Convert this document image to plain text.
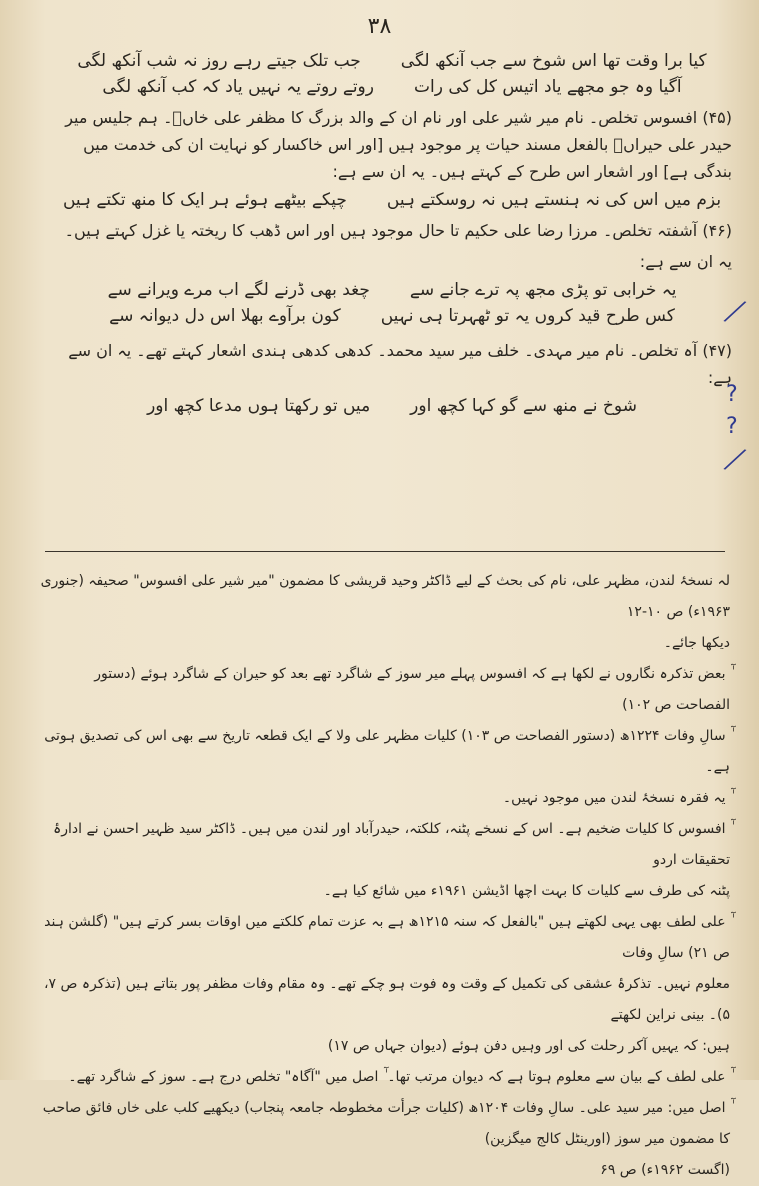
۳۸
کیا برا وقت تھا اس شوخ سے جب آنکھ لگی
جب تلک جیتے رہے روز نہ شب آنکھ لگی
آگیا وہ جو مجھے یاد اتیس کل کی رات
روتے روتے یہ نہیں یاد کہ کب آنکھ لگی

(۴۵) افسوس تخلص۔ نام میر شیر علی اور نام ان کے والد بزرگ کا مظفر علی خاںؔ۔ ہم جلیس میر حیدر علی حیراںؔ بالفعل مسند حیات پر موجود ہیں [اور اس خاکسار کو نہایت ان کی خدمت میں بندگی ہے] اور اشعار اس طرح کے کہتے ہیں۔ یہ ان سے ہے:

بزم میں اس کی نہ ہنستے ہیں نہ روسکتے ہیں
چپکے بیٹھے ہوئے ہر ایک کا منھ تکتے ہیں

(۴۶) آشفتہ تخلص۔ مرزا رضا علی حکیم تا حال موجود ہیں اور اس ڈھب کا ریختہ یا غزل کہتے ہیں۔

یہ ان سے ہے:

یہ خرابی تو پڑی مجھ پہ ترے جانے سے
چغد بھی ڈرنے لگے اب مرے ویرانے سے
کس طرح قید کروں یہ تو ٹھہرتا ہی نہیں
کون برآوے بھلا اس دل دیوانہ سے

(۴۷) آہ تخلص۔ نام میر مہدی۔ خلف میر سید محمد۔ کدھی کدھی ہندی اشعار کہتے تھے۔ یہ ان سے ہے:

شوخ نے منھ سے گو کہا کچھ اور
میں تو رکھتا ہوں مدعا کچھ اور
╱
?
?
╱

لہ نسخۂ لندن، مظہر علی، نام کی بحث کے لیے ڈاکٹر وحید قریشی کا مضمون "میر شیر علی افسوس" صحیفہ (جنوری ۱۹۶۳ء) ص ۱۰-۱۲

دیکھا جائے۔

ٰٓ بعض تذکرہ نگاروں نے لکھا ہے کہ افسوس پہلے میر سوز کے شاگرد تھے بعد کو حیران کے شاگرد ہوئے (دستور الفصاحت ص ۱۰۲)

ٰٓ سالِ وفات ۱۲۲۴ھ (دستور الفصاحت ص ۱۰۳) کلیات مظہر علی ولا کے ایک قطعہ تاریخ سے بھی اس کی تصدیق ہوتی ہے۔

ٰٓ یہ فقرہ نسخۂ لندن میں موجود نہیں۔

ٰٓ افسوس کا کلیات ضخیم ہے۔ اس کے نسخے پٹنہ، کلکتہ، حیدرآباد اور لندن میں ہیں۔ ڈاکٹر سید ظہیر احسن نے ادارۂ تحقیقات اردو

پٹنہ کی طرف سے کلیات کا بہت اچھا اڈیشن ۱۹۶۱ء میں شائع کیا ہے۔

ٰٓ علی لطف بھی یہی لکھتے ہیں "بالفعل کہ سنہ ۱۲۱۵ھ ہے بہ عزت تمام کلکتے میں اوقات بسر کرتے ہیں" (گلشن ہند ص ۲۱) سالِ وفات

معلوم نہیں۔ تذکرۂ عشقی کی تکمیل کے وقت وہ فوت ہو چکے تھے۔ وہ مقام وفات مظفر پور بتاتے ہیں (تذکرہ ص ۷، ۵)۔ بینی نراین لکھتے

ہیں: کہ یہیں آکر رحلت کی اور وہیں دفن ہوئے (دیوان جہاں ص ۱۷)

ٰٓ علی لطف کے بیان سے معلوم ہوتا ہے کہ دیوان مرتب تھا۔ ٰٓ اصل میں "آگاہ" تخلص درج ہے۔ سوز کے شاگرد تھے۔

ٰٓ اصل میں: میر سید علی۔ سالِ وفات ۱۲۰۴ھ (کلیات جرأت مخطوطہ جامعہ پنجاب) دیکھیے کلب علی خاں فائق صاحب کا مضمون میر سوز (اورینٹل کالج میگزین)

(اگست ۱۹۶۲ء) ص ۶۹
